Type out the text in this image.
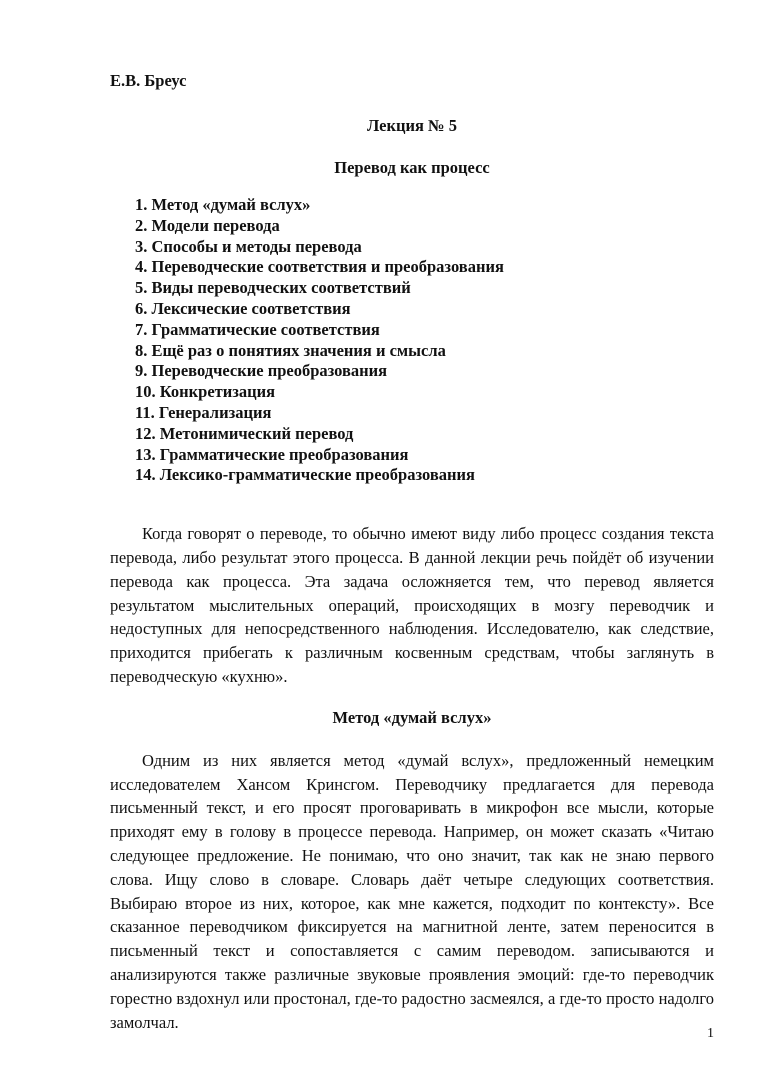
Е.В. Бреус
Лекция № 5
Перевод как процесс
1. Метод «думай вслух»
2. Модели перевода
3. Способы и методы перевода
4. Переводческие соответствия и преобразования
5. Виды переводческих соответствий
6. Лексические соответствия
7. Грамматические соответствия
8. Ещё раз о понятиях значения и смысла
9. Переводческие преобразования
10. Конкретизация
11. Генерализация
12. Метонимический перевод
13. Грамматические преобразования
14. Лексико-грамматические преобразования

Когда говорят о переводе, то обычно имеют виду либо процесс создания текста перевода, либо результат этого процесса. В данной лекции речь пойдёт об изучении перевода как процесса. Эта задача осложняется тем, что перевод является результатом мыслительных операций, происходящих в мозгу переводчик и недоступных для непосредственного наблюдения. Исследователю, как следствие, приходится прибегать к различным косвенным средствам, чтобы заглянуть в переводческую «кухню».

Метод «думай вслух»

Одним из них является метод «думай вслух», предложенный немецким исследователем Хансом Кринсгом. Переводчику предлагается для перевода письменный текст, и его просят проговаривать в микрофон все мысли, которые приходят ему в голову в процессе перевода. Например, он может сказать «Читаю следующее предложение. Не понимаю, что оно значит, так как не знаю первого слова. Ищу слово в словаре. Словарь даёт четыре следующих соответствия. Выбираю второе из них, которое, как мне кажется, подходит по контексту». Все сказанное переводчиком фиксируется на магнитной ленте, затем переносится в письменный текст и сопоставляется с самим переводом. записываются и анализируются также различные звуковые проявления эмоций: где-то переводчик горестно вздохнул или простонал, где-то радостно засмеялся, а где-то просто надолго замолчал.

1
